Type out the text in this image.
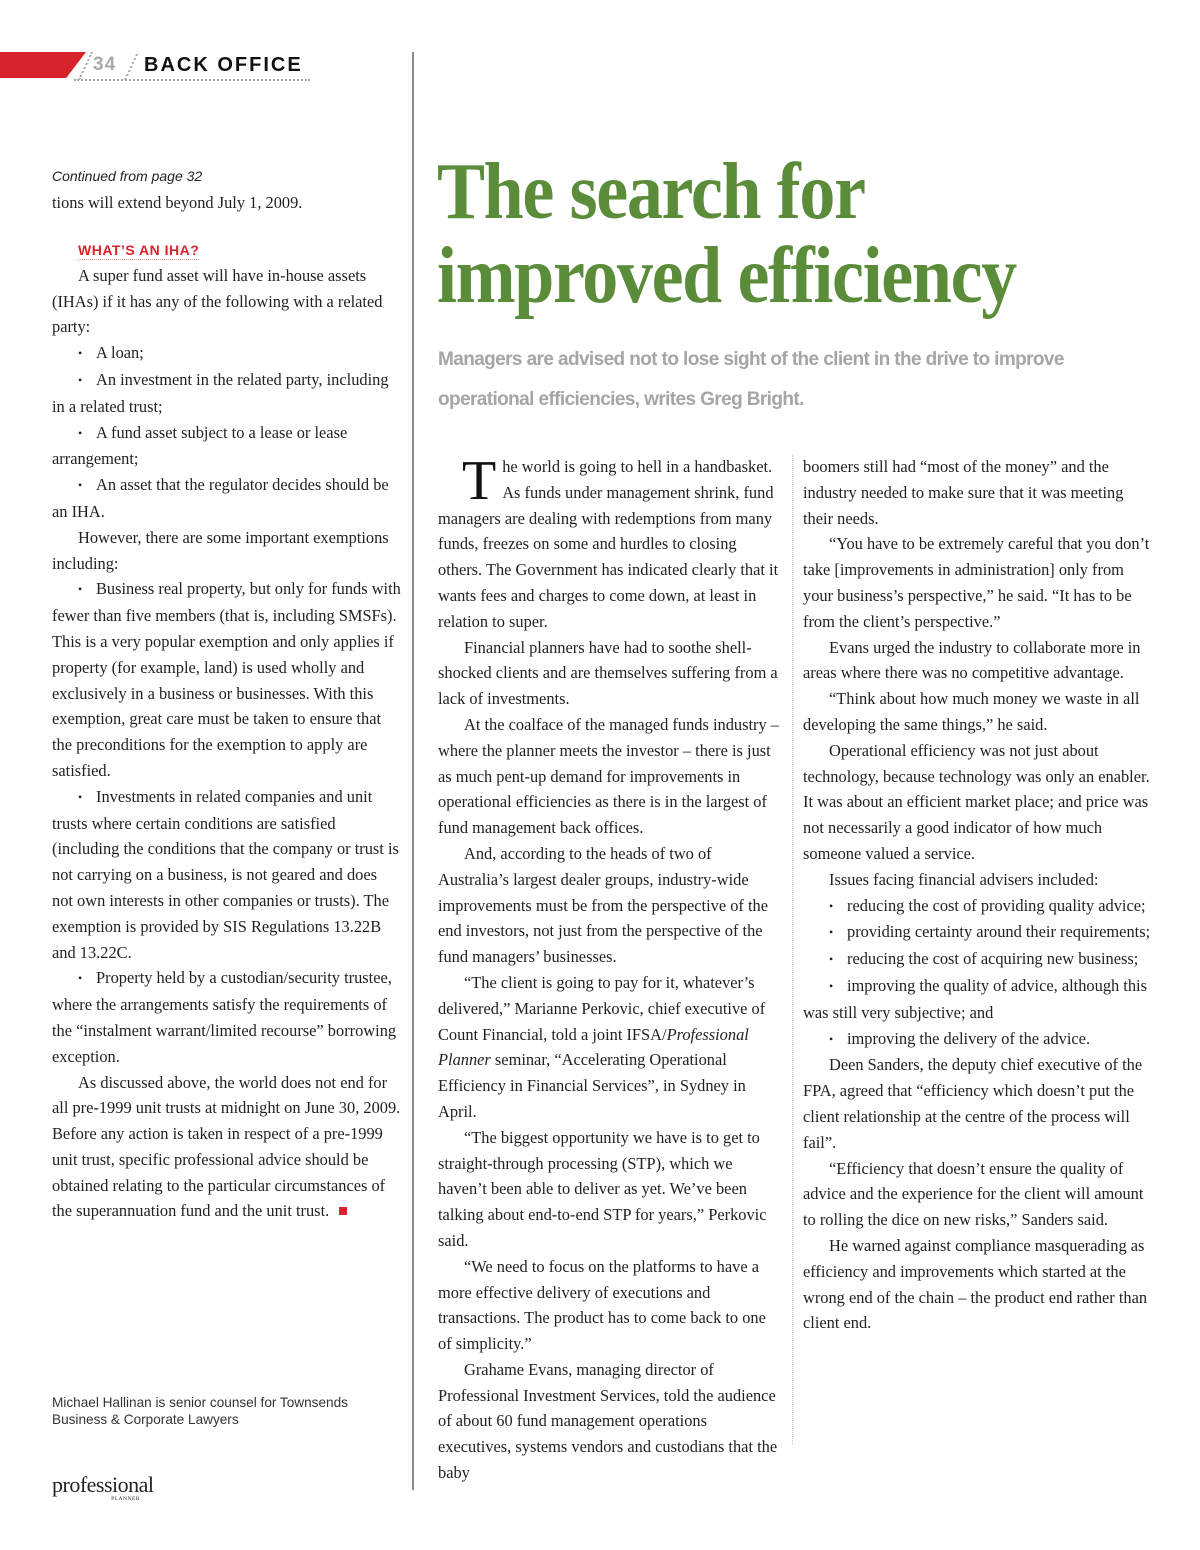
34 BACK OFFICE

Continued from page 32

tions will extend beyond July 1, 2009.

WHAT’S AN IHA?

A super fund asset will have in-house assets (IHAs) if it has any of the following with a related party:

• A loan;

• An investment in the related party, including in a related trust;

• A fund asset subject to a lease or lease arrangement;

• An asset that the regulator decides should be an IHA.

However, there are some important exemptions including:

• Business real property, but only for funds with fewer than five members (that is, including SMSFs). This is a very popular exemption and only applies if property (for example, land) is used wholly and exclusively in a business or businesses. With this exemption, great care must be taken to ensure that the preconditions for the exemption to apply are satisfied.

• Investments in related companies and unit trusts where certain conditions are satisfied (including the conditions that the company or trust is not carrying on a business, is not geared and does not own interests in other companies or trusts). The exemption is provided by SIS Regulations 13.22B and 13.22C.

• Property held by a custodian/security trustee, where the arrangements satisfy the requirements of the “instalment warrant/limited recourse” borrowing exception.

As discussed above, the world does not end for all pre-1999 unit trusts at midnight on June 30, 2009. Before any action is taken in respect of a pre-1999 unit trust, specific professional advice should be obtained relating to the particular circumstances of the superannuation fund and the unit trust.

Michael Hallinan is senior counsel for Townsends Business & Corporate Lawyers

professional
PLANNER
The search for
improved efficiency

Managers are advised not to lose sight of the client in the drive to improve
operational efficiencies, writes Greg Bright.

The world is going to hell in a handbasket. As funds under management shrink, fund managers are dealing with redemptions from many funds, freezes on some and hurdles to closing others. The Government has indicated clearly that it wants fees and charges to come down, at least in relation to super.

Financial planners have had to soothe shell-shocked clients and are themselves suffering from a lack of investments.

At the coalface of the managed funds industry – where the planner meets the investor – there is just as much pent-up demand for improvements in operational efficiencies as there is in the largest of fund management back offices.

And, according to the heads of two of Australia’s largest dealer groups, industry-wide improvements must be from the perspective of the end investors, not just from the perspective of the fund managers’ businesses.

“The client is going to pay for it, whatever’s delivered,” Marianne Perkovic, chief executive of Count Financial, told a joint IFSA/Professional Planner seminar, “Accelerating Operational Efficiency in Financial Services”, in Sydney in April.

“The biggest opportunity we have is to get to straight-through processing (STP), which we haven’t been able to deliver as yet. We’ve been talking about end-to-end STP for years,” Perkovic said.

“We need to focus on the platforms to have a more effective delivery of executions and transactions. The product has to come back to one of simplicity.”

Grahame Evans, managing director of Professional Investment Services, told the audience of about 60 fund management operations executives, systems vendors and custodians that the baby

boomers still had “most of the money” and the industry needed to make sure that it was meeting their needs.

“You have to be extremely careful that you don’t take [improvements in administration] only from your business’s perspective,” he said. “It has to be from the client’s perspective.”

Evans urged the industry to collaborate more in areas where there was no competitive advantage.

“Think about how much money we waste in all developing the same things,” he said.

Operational efficiency was not just about technology, because technology was only an enabler. It was about an efficient market place; and price was not necessarily a good indicator of how much someone valued a service.

Issues facing financial advisers included:

• reducing the cost of providing quality advice;

• providing certainty around their requirements;

• reducing the cost of acquiring new business;

• improving the quality of advice, although this was still very subjective; and

• improving the delivery of the advice.

Deen Sanders, the deputy chief executive of the FPA, agreed that “efficiency which doesn’t put the client relationship at the centre of the process will fail”.

“Efficiency that doesn’t ensure the quality of advice and the experience for the client will amount to rolling the dice on new risks,” Sanders said.

He warned against compliance masquerading as efficiency and improvements which started at the wrong end of the chain – the product end rather than client end.
